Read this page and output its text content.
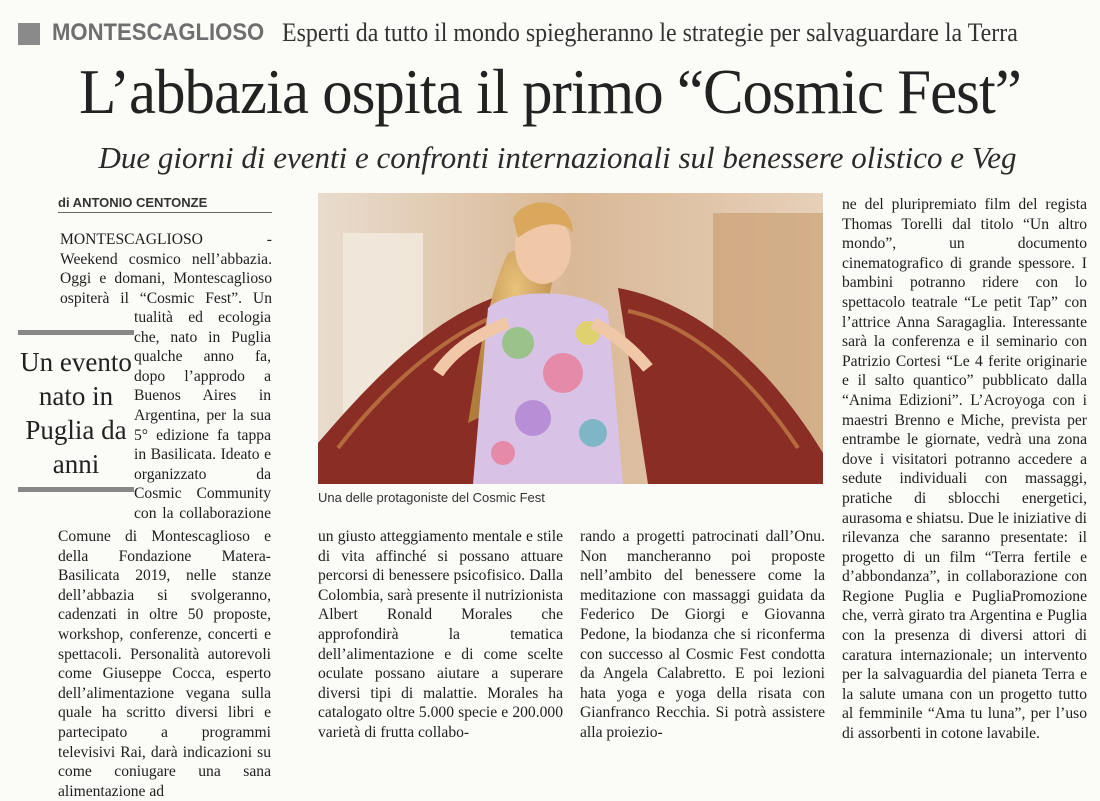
MONTESCAGLIOSO Esperti da tutto il mondo spiegheranno le strategie per salvaguardare la Terra
L’abbazia ospita il primo “Cosmic Fest”
Due giorni di eventi e confronti internazionali sul benessere olistico e Veg
di ANTONIO CENTONZE

MONTESCAGLIOSO - Weekend cosmico nell’abbazia. Oggi e domani, Montescaglioso ospiterà il “Cosmic Fest”. Un

tualità ed ecologia che, nato in Puglia qualche anno fa, dopo l’approdo a Buenos Aires in Argentina, per la sua 5° edizione fa tappa in Basilicata. Ideato e organizzato da Cosmic Community con la collaborazione

Un evento nato in Puglia da anni

Comune di Montescaglioso e della Fondazione Matera-Basilicata 2019, nelle stanze dell’abbazia si svolgeranno, cadenzati in oltre 50 proposte, workshop, conferenze, concerti e spettacoli. Personalità autorevoli come Giuseppe Cocca, esperto dell’alimentazione vegana sulla quale ha scritto diversi libri e partecipato a programmi televisivi Rai, darà indicazioni su come coniugare una sana alimentazione ad

Una delle protagoniste del Cosmic Fest

un giusto atteggiamento mentale e stile di vita affinché si possano attuare percorsi di benessere psicofisico. Dalla Colombia, sarà presente il nutrizionista Albert Ronald Morales che approfondirà la tematica dell’alimentazione e di come scelte oculate possano aiutare a superare diversi tipi di malattie. Morales ha catalogato oltre 5.000 specie e 200.000 varietà di frutta collabo-

rando a progetti patrocinati dall’Onu. Non mancheranno poi proposte nell’ambito del benessere come la meditazione con massaggi guidata da Federico De Giorgi e Giovanna Pedone, la biodanza che si riconferma con successo al Cosmic Fest condotta da Angela Calabretto. E poi lezioni hata yoga e yoga della risata con Gianfranco Recchia. Si potrà assistere alla proiezio-

ne del pluripremiato film del regista Thomas Torelli dal titolo “Un altro mondo”, un documento cinematografico di grande spessore. I bambini potranno ridere con lo spettacolo teatrale “Le petit Tap” con l’attrice Anna Saragaglia. Interessante sarà la conferenza e il seminario con Patrizio Cortesi “Le 4 ferite originarie e il salto quantico” pubblicato dalla “Anima Edizioni”. L’Acroyoga con i maestri Brenno e Miche, prevista per entrambe le giornate, vedrà una zona dove i visitatori potranno accedere a sedute individuali con massaggi, pratiche di sblocchi energetici, aurasoma e shiatsu. Due le iniziative di rilevanza che saranno presentate: il progetto di un film “Terra fertile e d’abbondanza”, in collaborazione con Regione Puglia e PugliaPromozione che, verrà girato tra Argentina e Puglia con la presenza di diversi attori di caratura internazionale; un intervento per la salvaguardia del pianeta Terra e la salute umana con un progetto tutto al femminile “Ama tu luna”, per l’uso di assorbenti in cotone lavabile.
